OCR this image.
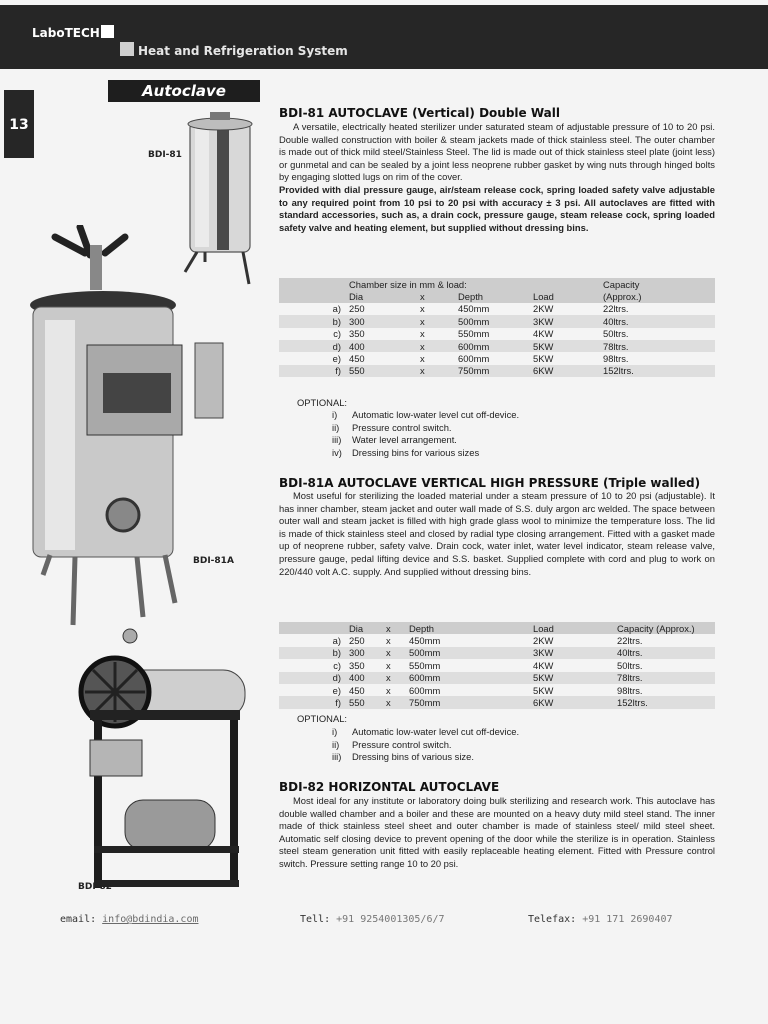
LaboTECH
Heat and Refrigeration System
13
Autoclave
BDI-81
BDI-81A
BDI-82
BDI-81 AUTOCLAVE (Vertical) Double Wall
A versatile, electrically heated sterilizer under saturated steam of adjustable pressure of 10 to 20 psi. Double walled construction with boiler & steam jackets made of thick stainless steel. The outer chamber is made out of thick mild steel/Stainless Steel. The lid is made out of thick stainless steel plate (joint less) or gunmetal and can be sealed by a joint less neoprene rubber gasket by wing nuts through hinged bolts by engaging slotted lugs on rim of the cover.
Provided with dial pressure gauge, air/steam release cock, spring loaded safety valve adjustable to any required point from 10 psi to 20 psi with accuracy ± 3 psi. All autoclaves are fitted with standard accessories, such as, a drain cock, pressure gauge, steam release cock, spring loaded safety valve and heating element, but supplied without dressing bins.
	Chamber size in mm & load:				Capacity
	Dia	x	Depth	Load	(Approx.)
a)	250	x	450mm	2KW	22ltrs.
b)	300	x	500mm	3KW	40ltrs.
c)	350	x	550mm	4KW	50ltrs.
d)	400	x	600mm	5KW	78ltrs.
e)	450	x	600mm	5KW	98ltrs.
f)	550	x	750mm	6KW	152ltrs.
OPTIONAL:
i) Automatic low-water level cut off-device.
ii) Pressure control switch.
iii) Water level arrangement.
iv) Dressing bins for various sizes
BDI-81A AUTOCLAVE VERTICAL HIGH PRESSURE (Triple walled)
Most useful for sterilizing the loaded material under a steam pressure of 10 to 20 psi (adjustable). It has inner chamber, steam jacket and outer wall made of S.S. duly argon arc welded. The space between outer wall and steam jacket is filled with high grade glass wool to minimize the temperature loss. The lid is made of thick stainless steel and closed by radial type closing arrangement. Fitted with a gasket made up of neoprene rubber, safety valve. Drain cock, water inlet, water level indicator, steam release valve, pressure gauge, pedal lifting device and S.S. basket. Supplied complete with cord and plug to work on 220/440 volt A.C. supply. And supplied without dressing bins.
	Dia	x	Depth	Load	Capacity (Approx.)
a)	250	x	450mm	2KW	22ltrs.
b)	300	x	500mm	3KW	40ltrs.
c)	350	x	550mm	4KW	50ltrs.
d)	400	x	600mm	5KW	78ltrs.
e)	450	x	600mm	5KW	98ltrs.
f)	550	x	750mm	6KW	152ltrs.
OPTIONAL:
i) Automatic low-water level cut off-device.
ii) Pressure control switch.
iii) Dressing bins of various size.
BDI-82 HORIZONTAL AUTOCLAVE
Most ideal for any institute or laboratory doing bulk sterilizing and research work. This autoclave has double walled chamber and a boiler and these are mounted on a heavy duty mild steel stand. The inner made of thick stainless steel sheet and outer chamber is made of stainless steel/ mild steel sheet. Automatic self closing device to prevent opening of the door while the sterilize is in operation. Stainless steel steam generation unit fitted with easily replaceable heating element. Fitted with Pressure control switch. Pressure setting range 10 to 20 psi.
email: info@bdindia.com	Tell: +91 9254001305/6/7	Telefax: +91 171 2690407
